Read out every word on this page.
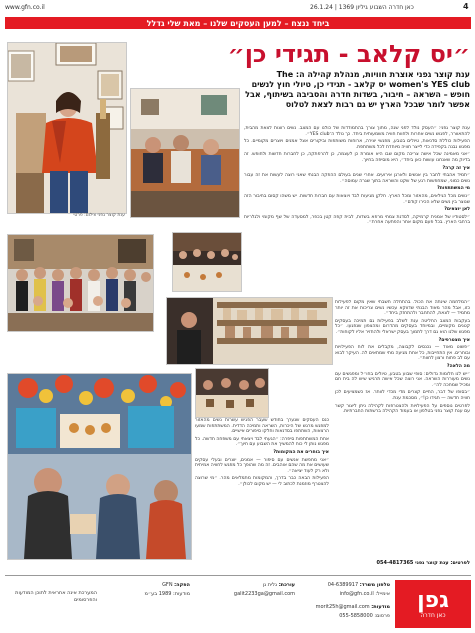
www.gfn.co.il	כאן חדרה השבוע גיליון 1369 | 26.1.24	4
ביחד ננצח – למען העסקים שלנו – מאת שלי גדלל
״יס קלאב - תגידי כן״
ענת קוצר גפני אוצרת חוויות, מנהלת קהילה ה: The women's YES club יס קלאב - תגידי כן, טיולי חוץ לנשים חופש – השראה – חיבור, בשדות חדרה והסביבה בשיתוף, אבל אפשר לומר שבכל הארץ יש גם רבות לצאת לטלוס

ענת קוצר גפני: ״העסק נולד לפני שנה, מתוך צורך בהתמודדות של כולנו עם המצב. נשים רוצות לצאת מהבית, להתאוורר, לפגוש נשים אחרות ולחוות חוויה משמעותית ביחד. כך נולד ה־YES club״.

הפעילות כוללת סדנאות, טיולים בטבע, מפגשי יצירה, ארוחות משותפות וביקורים אצל אמנים ויוצרים מקומיים. כל מפגש נבנה בקפידה כדי לייצר חוויה מיוחדת לכל משתתפת.

״אני מאמינה שכל אישה צריכה מקום שבו היא אומרת כן לעצמה, כן להרפתקה, כן לחברות חדשות ולחופש. זה בדיוק מה שאנחנו עושות כאן ביחד״, היא מוסיפה בחיוך.

איך זה קרה?

״תמיד אהבתי לחבר בין אנשים ולארגן אירועים. אחרי שנים בעולם ההפקה הבנתי שאני רוצה לעשות את זה עבור נשים כמוני, שמחפשות רגע של שקט והשראה בתוך שגרה עמוסה״.

מי המשתתפות?

״נשים מכל הגילאים, מהאזור ומכל הארץ. חלקן מגיעות לבד ויוצאות עם חברות חדשות. יש משהו קסום בחיבור הזה שנוצר בין נשים שלא הכירו קודם״.

לאן יוצאים?

״לסטודיו של אמנית קרמיקה, לסדנת צמחי מרפא בשדות, לבית קפה קטן בכפר, למסעדה של שף מקומי ולגלריות ברחבי הארץ. בכל פעם מקום אחר והפתעה אחרת״.

״המלחמה שינתה את הכול. בהתחלה חשבתי שאין מקום לפעילות כזו, אבל מהר מאוד הבנתי שדווקא עכשיו נשים צריכות את זה יותר מתמיד — לצאת, להתחבר ולהתחזק ביחד״.

בעקבות המצב החליטה ענת לשלב בפעילות גם תמיכה בעסקים קטנים מקומיים, ובמיוחד בעסקים מהדרום ומהצפון שנפגעו. ״כל מפגש שלנו הוא גם דרך לתמוך בעסק ישראלי ולהחזיר אליו לקוחות״.

איך מצטרפים?

״פשוט מאוד — נכנסים לקבוצה, מקבלים את לוח הפעילויות ובוחרים. אין התחייבות, כל אחת מגיעה מתי שמתאים לה. העיקר לבוא עם לב פתוח ורצון לחוות״.

מה הלאה?

״יש לנו חלומות גדולים: סופי שבוע בטבע, טיולים בחו״ל ומפגשים עם נשים מעוררות השראה. אני רוצה שכל אישה תרגיש שיש לה בית חם ומכיל שמחכה לה״.

״בסופו של דבר, החיים קצרים מדי מכדי לוותר. אז כשמציעים לכן חוויה חדשה — תגידו כן!״, מסכמת ענת.

לפרטים נוספים על הפעילויות ולהצטרפות לקהילה ניתן ליצור קשר עם ענת קוצר גפני בטלפון או בעמוד הקהילה ברשתות החברתיות.

כנס העסקים שנערך בחודש שעבר הפגיש עשרות נשים מהאזור למפגש מרגש של היכרות, השראה ותמיכה הדדית. המשתתפות שמעו הרצאות, השתתפו בסדנאות וחלקו סיפורים אישיים.

אחת המשתתפות סיפרה: ״הגעתי לבד ויצאתי עם משפחה חדשה. כל מפגש נותן לי כוח להמשיך את השבוע עם חיוך״.

איך בוחרים את המקומות?

״אני מחפשת אנשים עם סיפור — אמנים, יוצרים ובעלי עסקים שעושים את מה שהם אוהבים. זה מה שהופך כל מפגש לחוויה אמיתית ולא רק לעוד יציאה״.

הפעילות הבאה כבר בדרך, והמקומות מתמלאים מהר. ״מי שרוצה להצטרף מוזמנת לכתוב לי — יש מקום לכולן״.

לפרטים: ענת קוצר גפני 054-4817365
ענת קוצר גפני צילום: פרטי
גפן
כאן חדרה
טלפון משרד: 04-6389917
אימייל: info@gfn.co.il
עורכת: גלית גן
galit2233ga@gmail.com
הפקה: GFN
מודעות: 1989 בע״מ
מודעות: morit25h@gmail.com
פרסום: 055-5858000
המערכת אינה אחראית לתוכן המודעות והפרסומים
